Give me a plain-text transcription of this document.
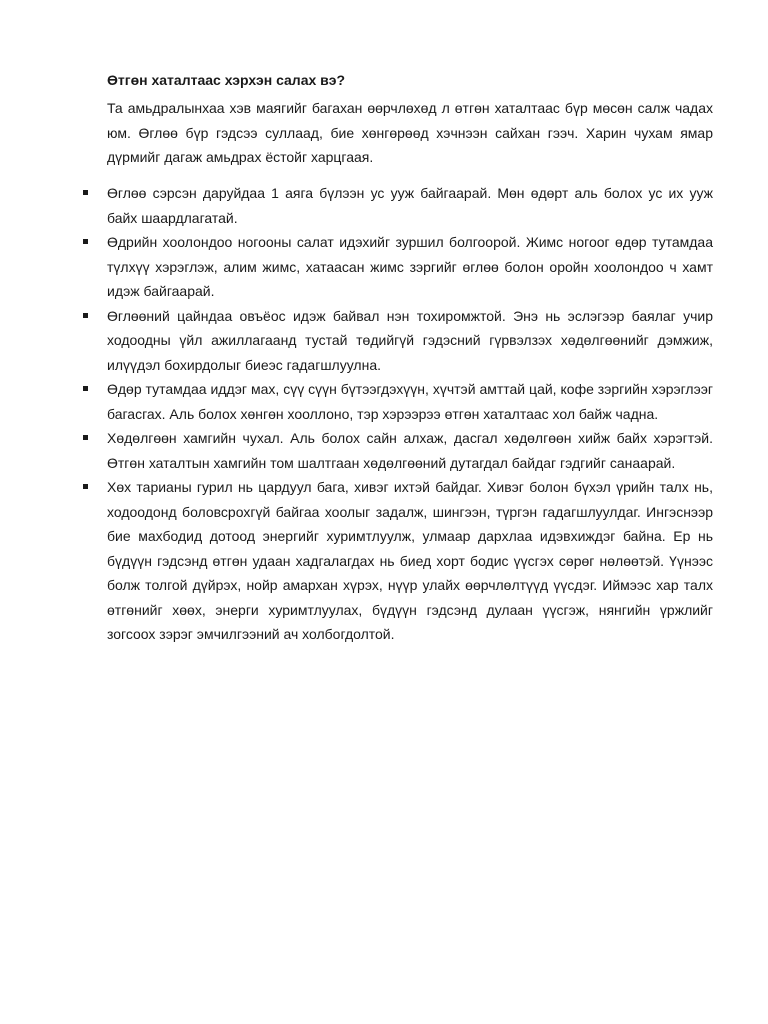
Өтгөн хаталтаас хэрхэн салах вэ?

Та амьдралынхаа хэв маягийг багахан өөрчлөхөд л өтгөн хаталтаас бүр мөсөн салж чадах юм. Өглөө бүр гэдсээ суллаад, бие хөнгөрөөд хэчнээн сайхан гээч. Харин чухам ямар дүрмийг дагаж амьдрах ёстойг харцгаая.

Өглөө сэрсэн даруйдаа 1 аяга бүлээн ус ууж байгаарай. Мөн өдөрт аль болох ус их ууж байх шаардлагатай.
Өдрийн хоолондоо ногооны салат идэхийг зуршил болгоорой. Жимс ногоог өдөр тутамдаа түлхүү хэрэглэж, алим жимс, хатаасан жимс зэргийг өглөө болон оройн хоолондоо ч хамт идэж байгаарай.
Өглөөний цайндаа овъёос идэж байвал нэн тохиромжтой. Энэ нь эслэгээр баялаг учир ходоодны үйл ажиллагаанд тустай төдийгүй гэдэсний гүрвэлзэх хөдөлгөөнийг дэмжиж, илүүдэл бохирдолыг биеэс гадагшлуулна.
Өдөр тутамдаа иддэг мах, сүү сүүн бүтээгдэхүүн, хүчтэй амттай цай, кофе зэргийн хэрэглээг багасгах. Аль болох хөнгөн хооллоно, тэр хэрээрээ өтгөн хаталтаас хол байж чадна.
Хөдөлгөөн хамгийн чухал. Аль болох сайн алхаж, дасгал хөдөлгөөн хийж байх хэрэгтэй. Өтгөн хаталтын хамгийн том шалтгаан хөдөлгөөний дутагдал байдаг гэдгийг санаарай.
Хөх тарианы гурил нь цардуул бага, хивэг ихтэй байдаг. Хивэг болон бүхэл үрийн талх нь, ходоодонд боловсрохгүй байгаа хоолыг задалж, шингээн, түргэн гадагшлуулдаг. Ингэснээр бие махбодид дотоод энергийг хуримтлуулж, улмаар дархлаа идэвхиждэг байна. Ер нь бүдүүн гэдсэнд өтгөн удаан хадгалагдах нь биед хорт бодис үүсгэх сөрөг нөлөөтэй. Үүнээс болж толгой дүйрэх, нойр амархан хүрэх, нүүр улайх өөрчлөлтүүд үүсдэг. Иймээс хар талх өтгөнийг хөөх, энерги хуримтлуулах, бүдүүн гэдсэнд дулаан үүсгэж, нянгийн үржлийг зогсоох зэрэг эмчилгээний ач холбогдолтой.
